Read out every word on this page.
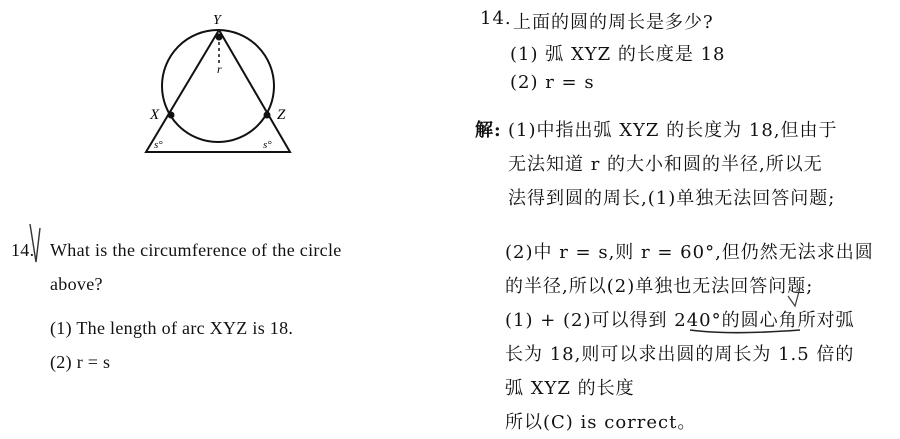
Y
X	Z
r
s°	s°
14. What is the circumference of the circle
above?
(1) The length of arc XYZ is 18.
(2) r = s
14. 上面的圆的周长是多少?
(1) 弧 XYZ 的长度是 18
(2) r = s
解: (1)中指出弧 XYZ 的长度为 18,但由于
无法知道 r 的大小和圆的半径,所以无
法得到圆的周长,(1)单独无法回答问题;
(2)中 r = s,则 r = 60°,但仍然无法求出圆
的半径,所以(2)单独也无法回答问题;
(1) + (2)可以得到 240°的圆心角所对弧
长为 18,则可以求出圆的周长为 1.5 倍的
弧 XYZ 的长度
所以(C) is correct。
